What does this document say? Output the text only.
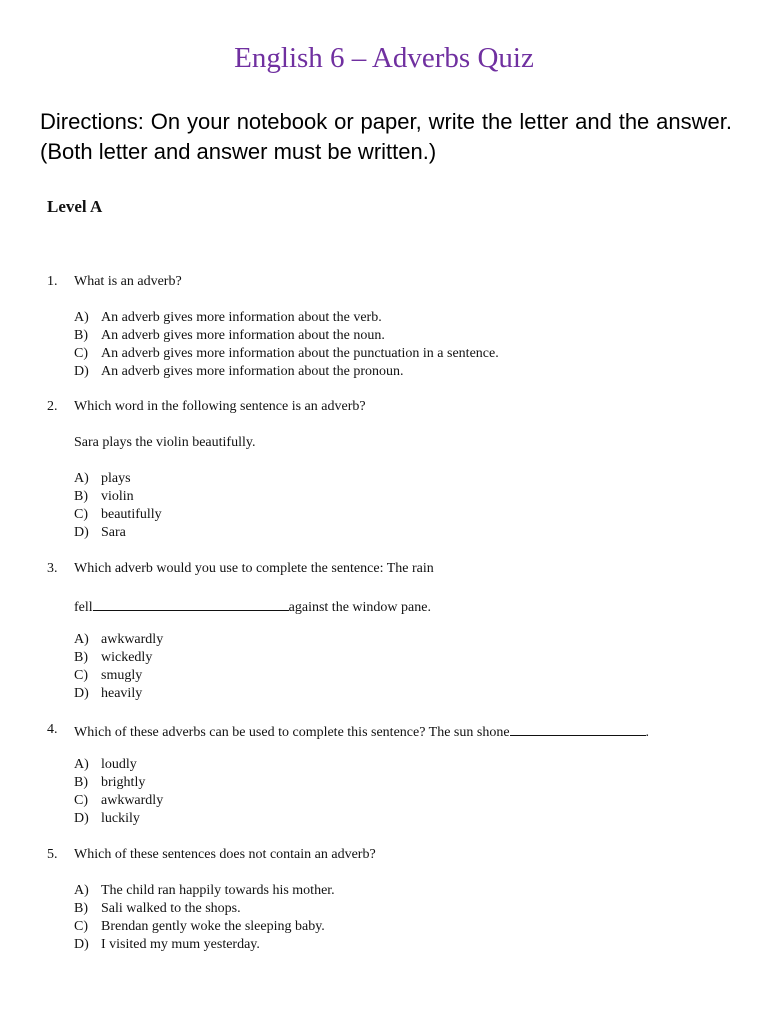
English 6 – Adverbs Quiz
Directions: On your notebook or paper, write the letter and the answer. (Both letter and answer must be written.)
Level A
1. What is an adverb?
A) An adverb gives more information about the verb.
B) An adverb gives more information about the noun.
C) An adverb gives more information about the punctuation in a sentence.
D) An adverb gives more information about the pronoun.
2. Which word in the following sentence is an adverb?
Sara plays the violin beautifully.
A) plays
B) violin
C) beautifully
D) Sara
3. Which adverb would you use to complete the sentence: The rain
fell	against the window pane.
A) awkwardly
B) wickedly
C) smugly
D) heavily
4. Which of these adverbs can be used to complete this sentence? The sun shone	.
A) loudly
B) brightly
C) awkwardly
D) luckily
5. Which of these sentences does not contain an adverb?
A) The child ran happily towards his mother.
B) Sali walked to the shops.
C) Brendan gently woke the sleeping baby.
D) I visited my mum yesterday.
